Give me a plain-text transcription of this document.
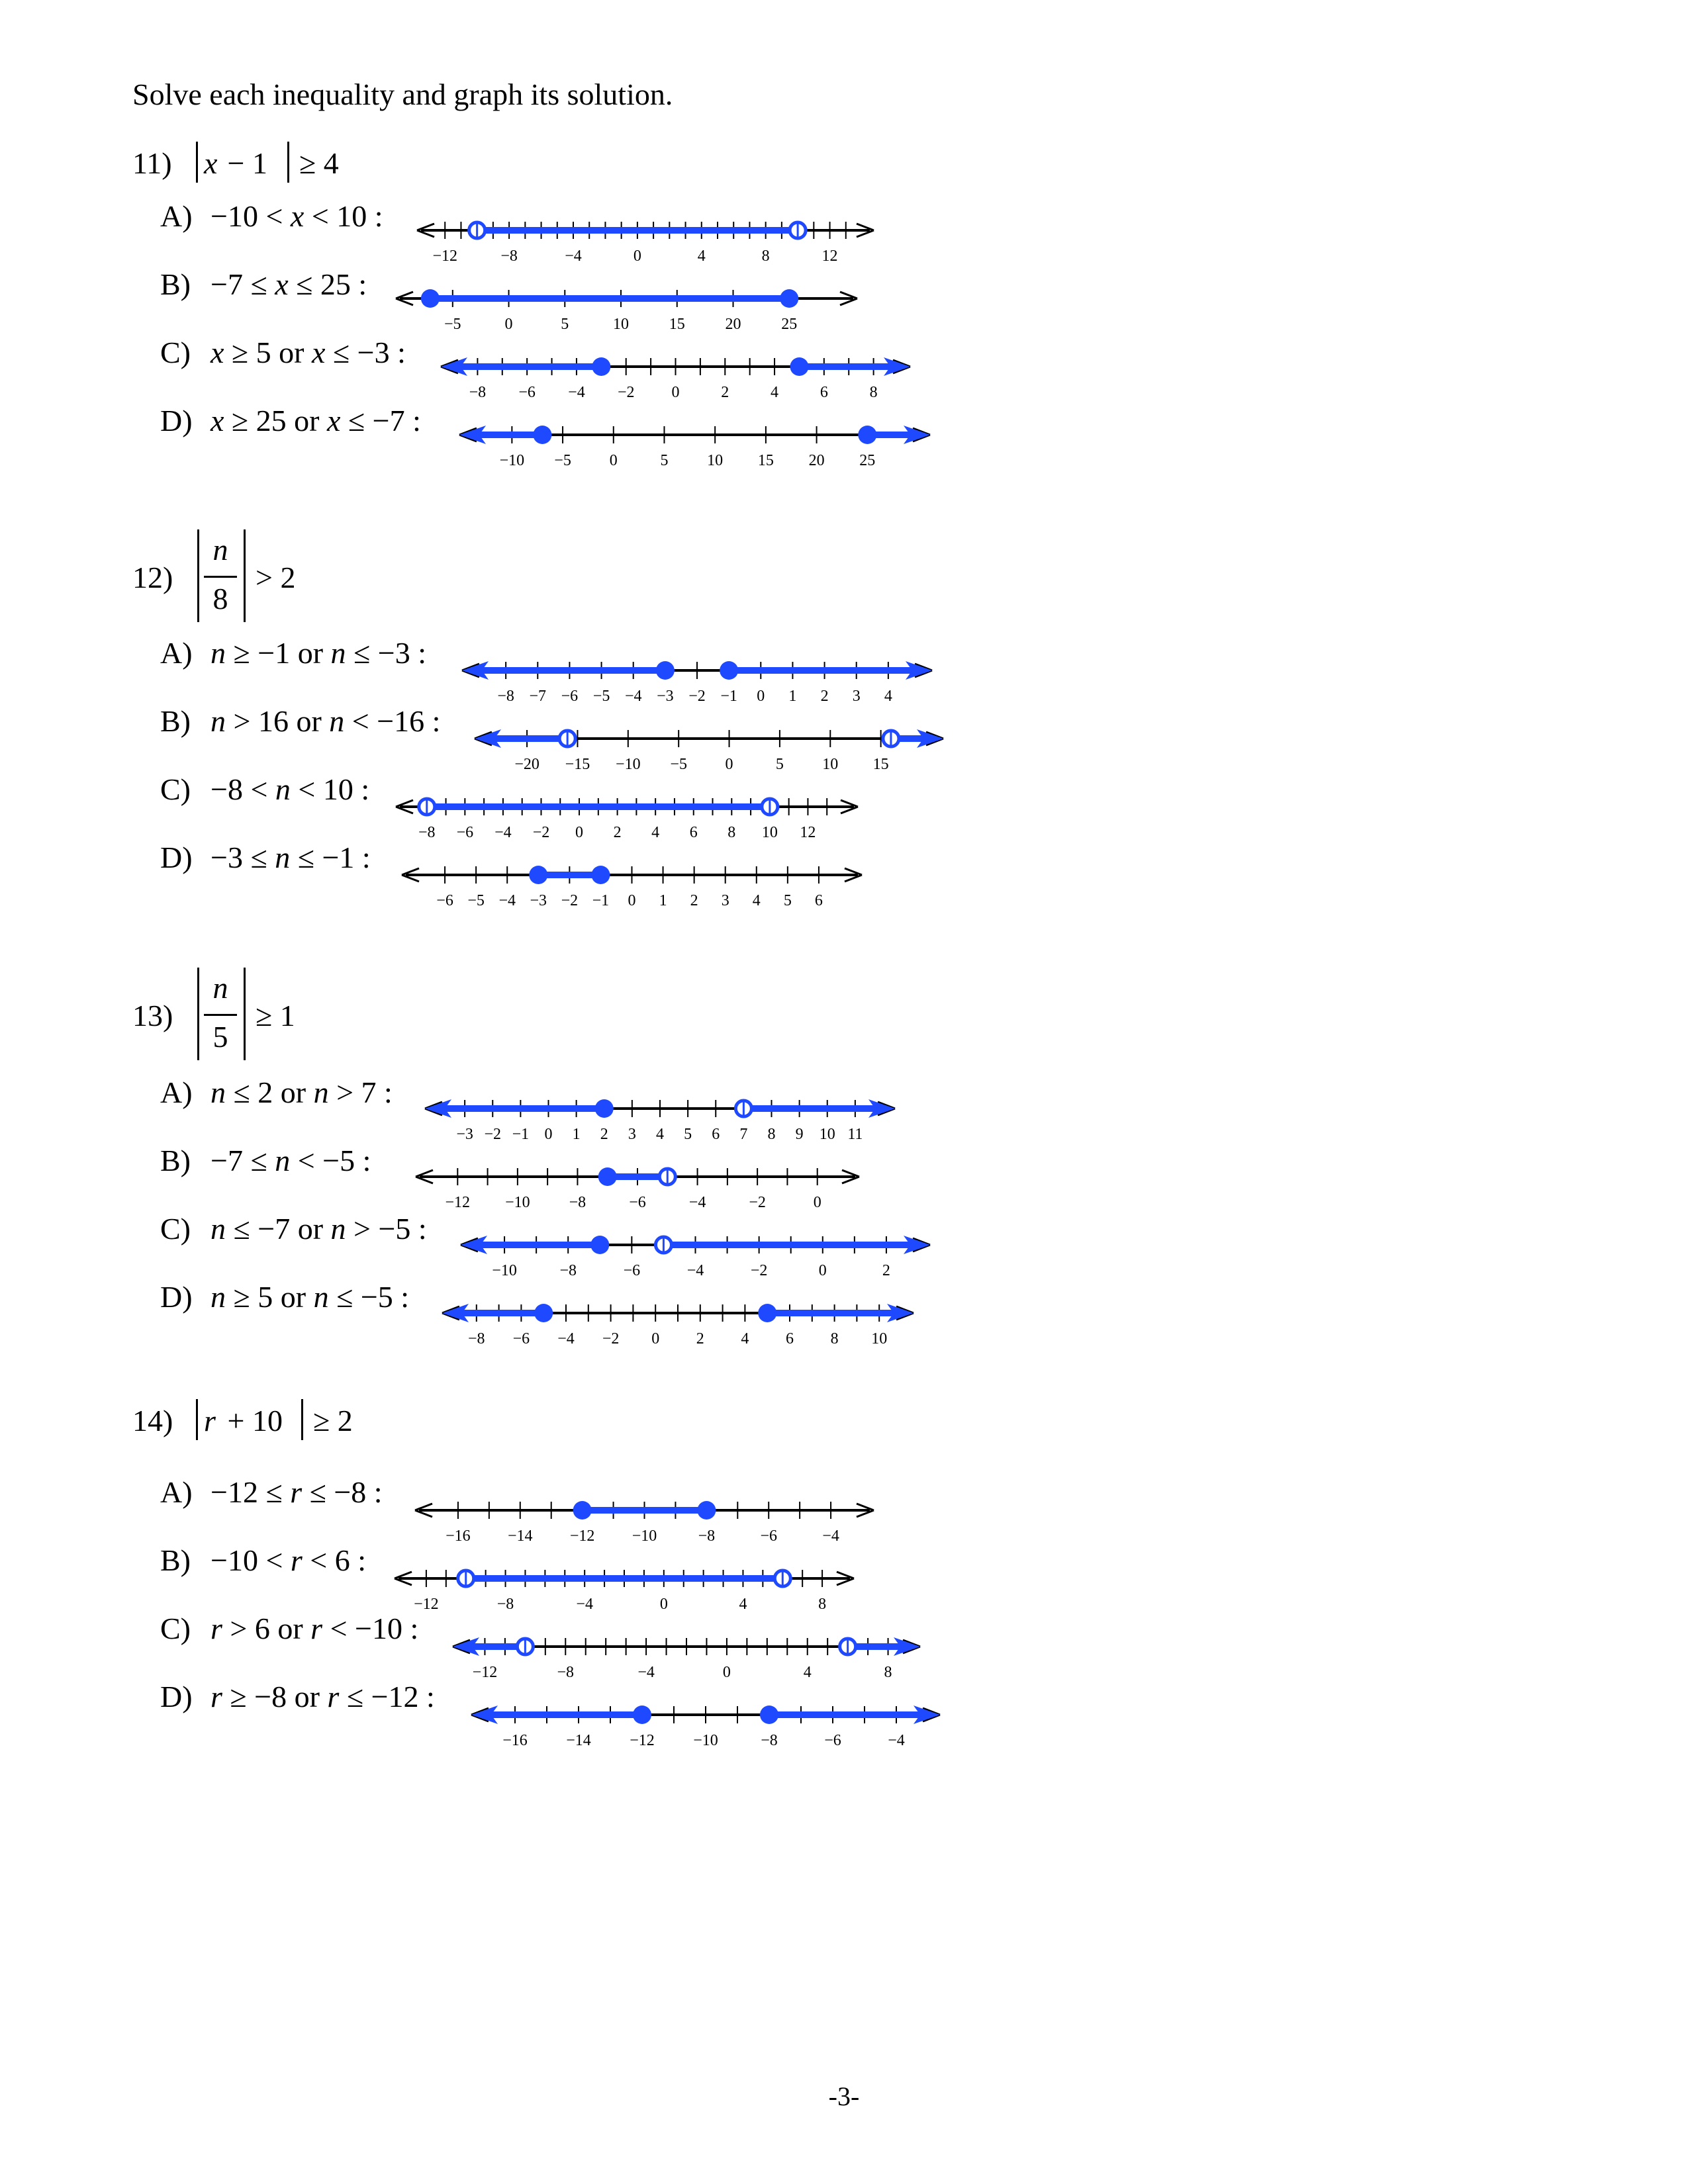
Solve each inequality and graph its solution.
11) x − 1 ≥ 4
A) −10 < x < 10 :
−12	−8	−4	0	4	8	12
B) −7 ≤ x ≤ 25 :
−5	0	5	10	15	20	25
C) x ≥ 5 or x ≤ −3 :
−8 −6 −4 −2 0	2	4	6	8
D) x ≥ 25 or x ≤ −7 :
−10 −5 0	5 10 15 20 25
12)
n
8
> 2
A) n ≥ −1 or n ≤ −3 :
−8 −7 −6 −5 −4 −3 −2 −1 0 1 2 3 4
B) n > 16 or n < −16 :
−20 −15 −10 −5 0	5 10 15
C) −8 < n < 10 :
−8 −6 −4 −2 0 2 4 6 8 10 12
D) −3 ≤ n ≤ −1 :
−6 −5 −4 −3 −2 −1 0 1 2 3 4 5 6
13)
n
5
≥ 1
A) n ≤ 2 or n > 7 :
−3 −2 −1 0 1 2 3 4 5 6 7 8 9 10 11
B) −7 ≤ n < −5 :
−12 −10 −8	−6	−4	−2	0
C) n ≤ −7 or n > −5 :
−10	−8	−6	−4	−2	0	2
D) n ≥ 5 or n ≤ −5 :
−8 −6 −4 −2 0 2 4 6 8 10
14) r + 10 ≥ 2
A) −12 ≤ r ≤ −8 :
−16 −14 −12 −10	−8	−6	−4
B) −10 < r < 6 :
−12	−8	−4	0	4	8
C) r > 6 or r < −10 :
−12	−8	−4	0	4	8
D) r ≥ −8 or r ≤ −12 :
−16 −14 −12 −10	−8	−6	−4
-3-
